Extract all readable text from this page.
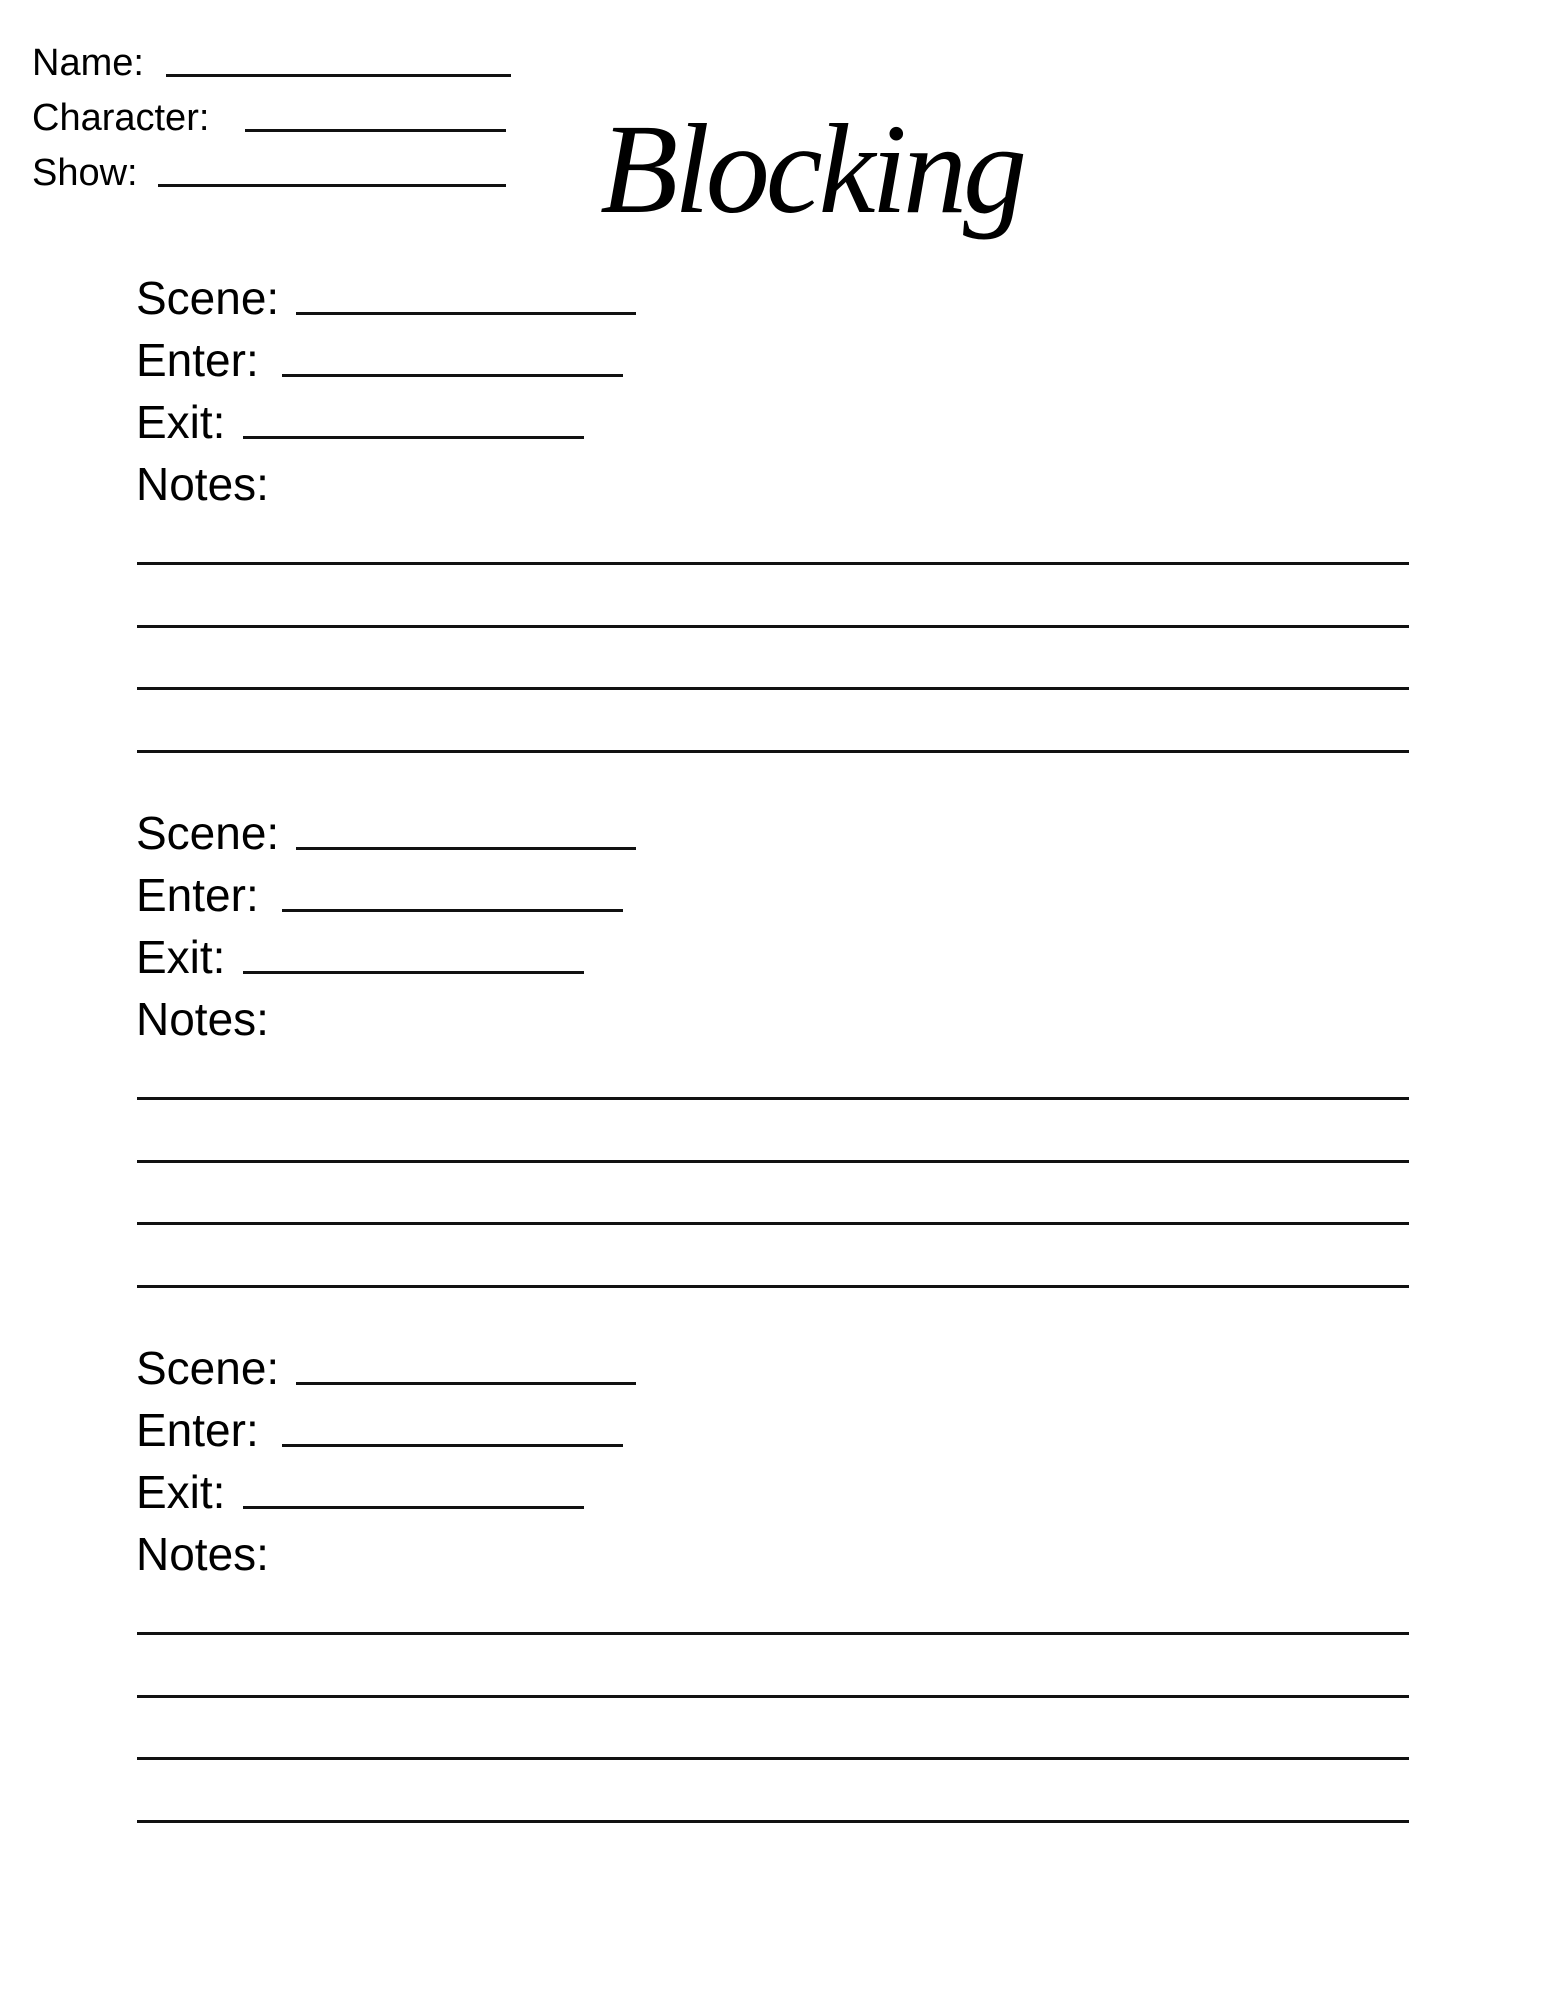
Name:
Character:
Show:	Blocking
Scene:
Enter:
Exit:
Notes:
Scene:
Enter:
Exit:
Notes:
Scene:
Enter:
Exit:
Notes:
